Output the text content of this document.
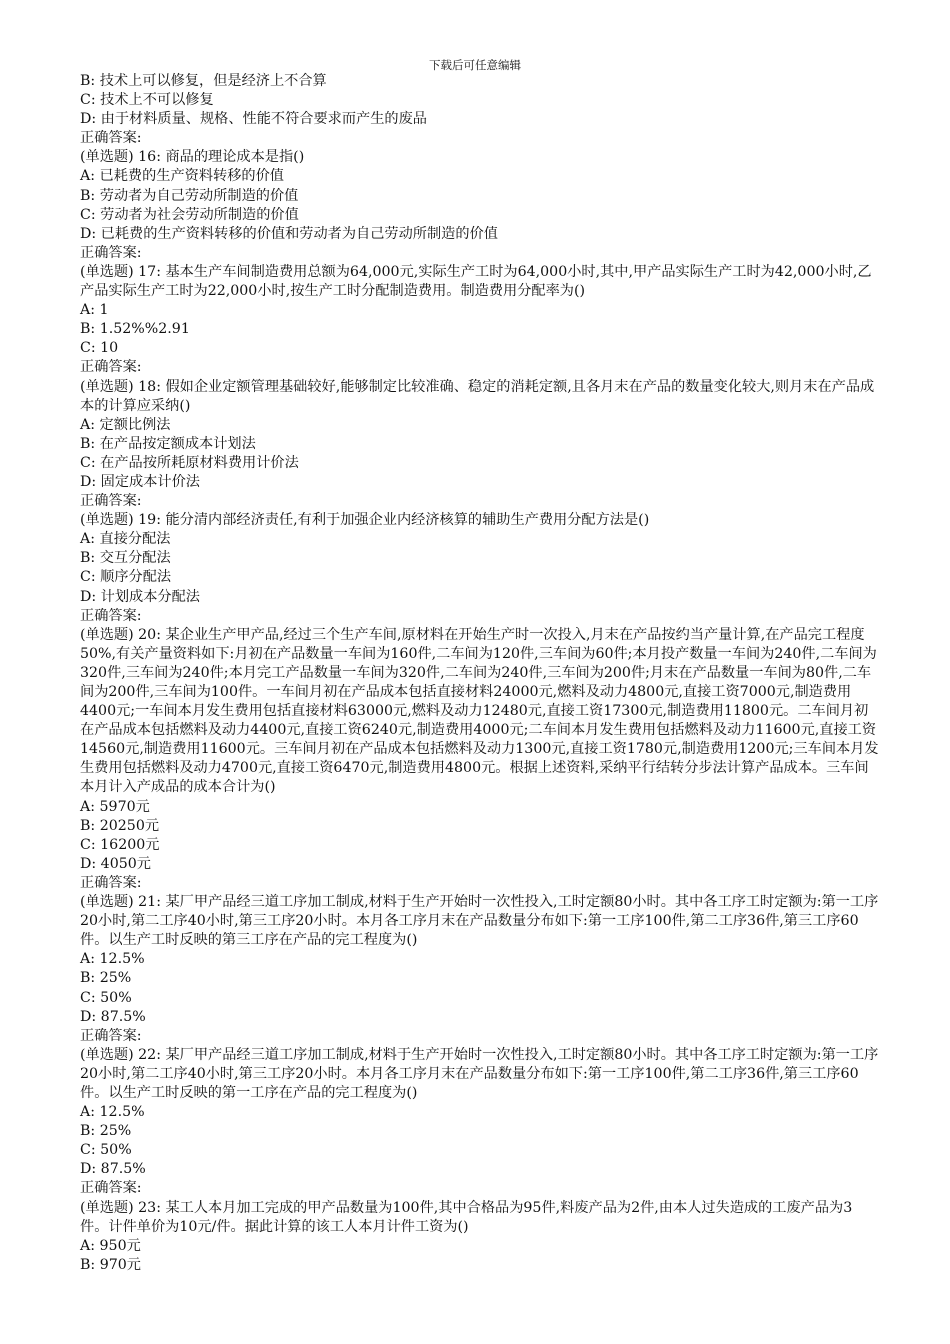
下载后可任意编辑
B: 技术上可以修复，但是经济上不合算
C: 技术上不可以修复
D: 由于材料质量、规格、性能不符合要求而产生的废品
正确答案:
(单选题) 16: 商品的理论成本是指()
A: 已耗费的生产资料转移的价值
B: 劳动者为自己劳动所制造的价值
C: 劳动者为社会劳动所制造的价值
D: 已耗费的生产资料转移的价值和劳动者为自己劳动所制造的价值
正确答案:
(单选题) 17: 基本生产车间制造费用总额为64,000元,实际生产工时为64,000小时,其中,甲产品实际生产工时为42,000小时,乙产品实际生产工时为22,000小时,按生产工时分配制造费用。制造费用分配率为()
A: 1
B: 1.52%%2.91
C: 10
正确答案:
(单选题) 18: 假如企业定额管理基础较好,能够制定比较准确、稳定的消耗定额,且各月末在产品的数量变化较大,则月末在产品成本的计算应采纳()
A: 定额比例法
B: 在产品按定额成本计划法
C: 在产品按所耗原材料费用计价法
D: 固定成本计价法
正确答案:
(单选题) 19: 能分清内部经济责任,有利于加强企业内经济核算的辅助生产费用分配方法是()
A: 直接分配法
B: 交互分配法
C: 顺序分配法
D: 计划成本分配法
正确答案:
(单选题) 20: 某企业生产甲产品,经过三个生产车间,原材料在开始生产时一次投入,月末在产品按约当产量计算,在产品完工程度50%,有关产量资料如下:月初在产品数量一车间为160件,二车间为120件,三车间为60件;本月投产数量一车间为240件,二车间为320件,三车间为240件;本月完工产品数量一车间为320件,二车间为240件,三车间为200件;月末在产品数量一车间为80件,二车间为200件,三车间为100件。一车间月初在产品成本包括直接材料24000元,燃料及动力4800元,直接工资7000元,制造费用4400元;一车间本月发生费用包括直接材料63000元,燃料及动力12480元,直接工资17300元,制造费用11800元。二车间月初在产品成本包括燃料及动力4400元,直接工资6240元,制造费用4000元;二车间本月发生费用包括燃料及动力11600元,直接工资14560元,制造费用11600元。三车间月初在产品成本包括燃料及动力1300元,直接工资1780元,制造费用1200元;三车间本月发生费用包括燃料及动力4700元,直接工资6470元,制造费用4800元。根据上述资料,采纳平行结转分步法计算产品成本。三车间本月计入产成品的成本合计为()
A: 5970元
B: 20250元
C: 16200元
D: 4050元
正确答案:
(单选题) 21: 某厂甲产品经三道工序加工制成,材料于生产开始时一次性投入,工时定额80小时。其中各工序工时定额为:第一工序20小时,第二工序40小时,第三工序20小时。本月各工序月末在产品数量分布如下:第一工序100件,第二工序36件,第三工序60件。以生产工时反映的第三工序在产品的完工程度为()
A: 12.5%
B: 25%
C: 50%
D: 87.5%
正确答案:
(单选题) 22: 某厂甲产品经三道工序加工制成,材料于生产开始时一次性投入,工时定额80小时。其中各工序工时定额为:第一工序20小时,第二工序40小时,第三工序20小时。本月各工序月末在产品数量分布如下:第一工序100件,第二工序36件,第三工序60件。以生产工时反映的第一工序在产品的完工程度为()
A: 12.5%
B: 25%
C: 50%
D: 87.5%
正确答案:
(单选题) 23: 某工人本月加工完成的甲产品数量为100件,其中合格品为95件,料废产品为2件,由本人过失造成的工废产品为3件。计件单价为10元/件。据此计算的该工人本月计件工资为()
A: 950元
B: 970元
